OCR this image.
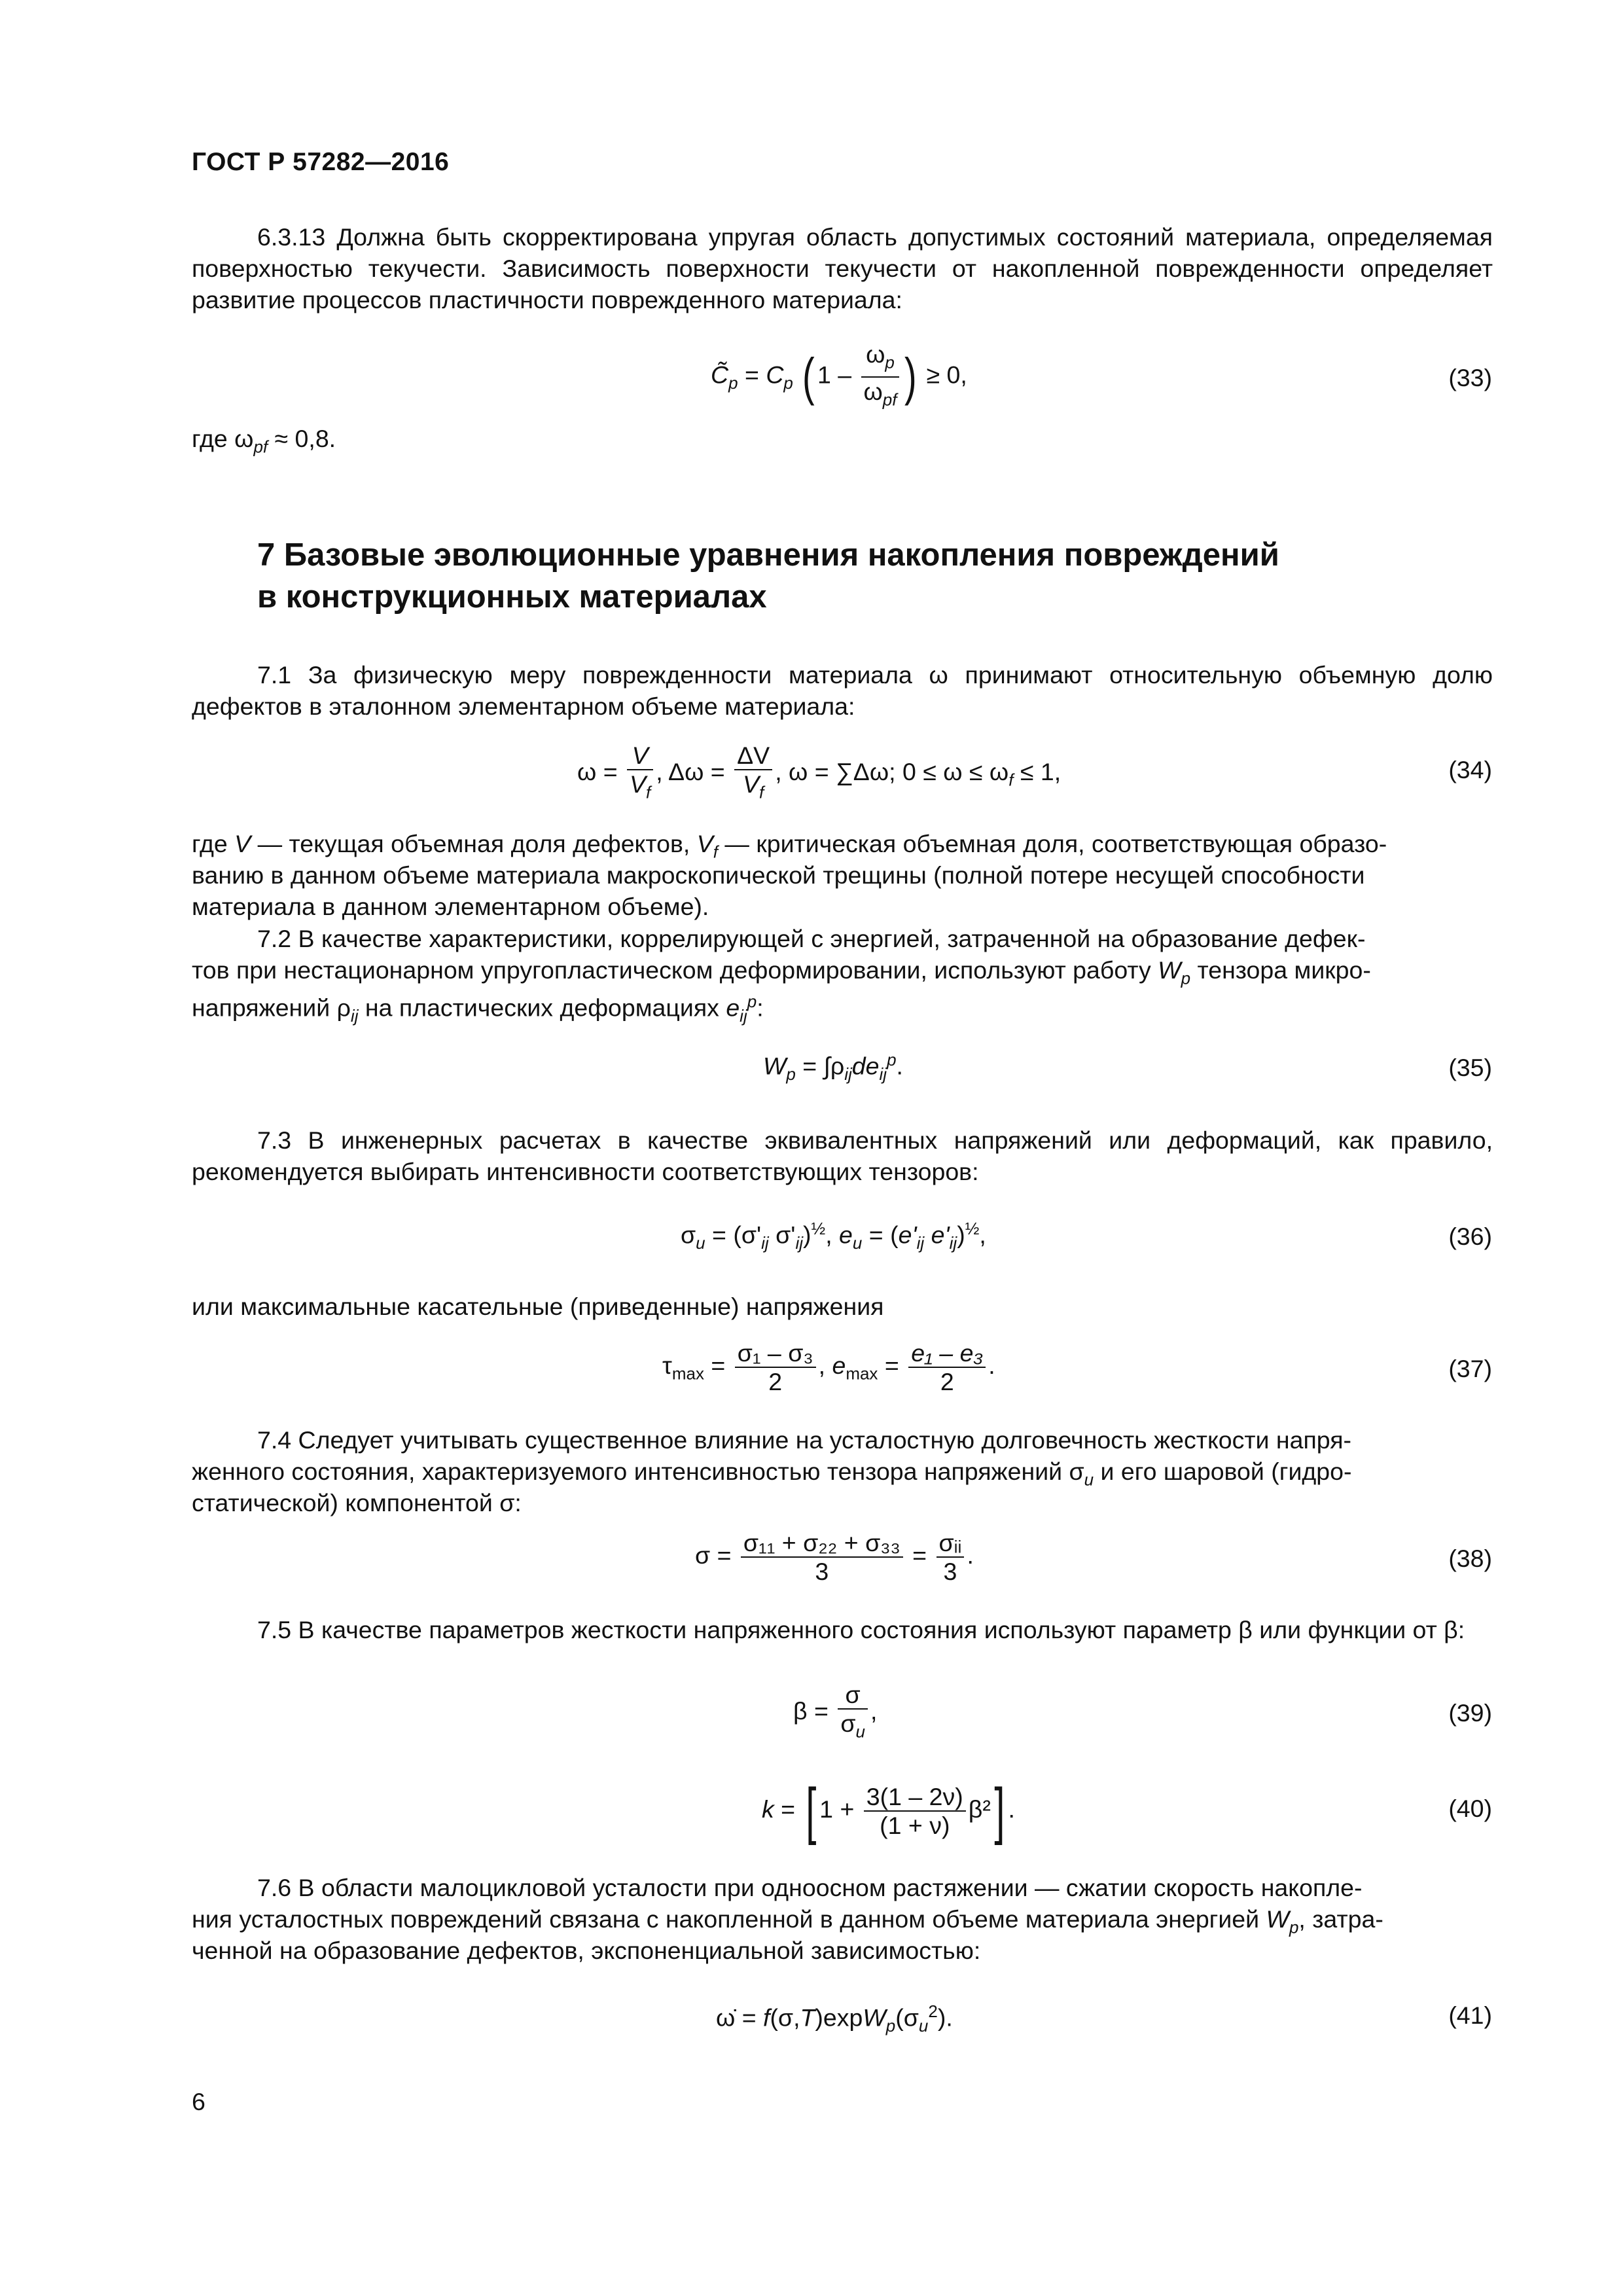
ГОСТ Р 57282—2016
6.3.13 Должна быть скорректирована упругая область допустимых состояний материала, определяемая поверхностью текучести. Зависимость поверхности текучести от накопленной поврежденности определяет развитие процессов пластичности поврежденного материала:
$C̃_p = C_p$ ( $1 - \frac{\omega_p}{\omega_{pf}}$ ) ≥ 0,	(33)
где $\omega_{pf} \approx 0,8$.
7 Базовые эволюционные уравнения накопления повреждений
в конструкционных материалах
7.1 За физическую меру поврежденности материала ω принимают относительную объемную долю дефектов в эталонном элементарном объеме материала:
$\omega = \frac{V}{V_f}$ , $\Delta\omega = \frac{\Delta V}{V_f}$ , ω = ∑Δω; $0 \le \omega \le \omega_f \le 1$,	(34)
где V — текущая объемная доля дефектов, $V_f$ — критическая объемная доля, соответствующая образо-
ванию в данном объеме материала макроскопической трещины (полной потере несущей способности
материала в данном элементарном объеме).
7.2 В качестве характеристики, коррелирующей с энергией, затраченной на образование дефек-
тов при нестационарном упругопластическом деформировании, используют работу $W_p$ тензора микро-
напряжений $\rho_{ij}$ на пластических деформациях $e_{ij}^p$:
$W_p = \int\rho_{ij}de_{ij}^p$.	(35)
7.3 В инженерных расчетах в качестве эквивалентных напряжений или деформаций, как правило, рекомендуется выбирать интенсивности соответствующих тензоров:
$\sigma_u = (\sigma'_{ij}$ $\sigma'_{ij})^{\frac{1}{2}}$, $e_u = (e'_{ij}$ $e'_{ij})^{\frac{1}{2}}$,	(36)
или максимальные касательные (приведенные) напряжения
$\tau_{max} = \frac{\text{σ₁ – σ₃}}{2}$ , $e_{max} = \frac{\text{e₁ – e₃}}{2}$ .	(37)
7.4 Следует учитывать существенное влияние на усталостную долговечность жесткости напря-
женного состояния, характеризуемого интенсивностью тензора напряжений $\sigma_u$ и его шаровой (гидро-
статической) компонентой σ:
$\sigma = \frac{\text{σ₁₁ + σ₂₂ + σ₃₃}}{3} = \frac{\text{σᵢᵢ}}{3}$ .	(38)
7.5 В качестве параметров жесткости напряженного состояния используют параметр β или функции от β:
$\beta = \frac{\sigma}{\sigma_u}$ ,	(39)
k = [ $1 + \frac{3(1 - 2\nu)}{(1 + \nu)} \beta^2$] .	(40)
7.6 В области малоцикловой усталости при одноосном растяжении — сжатии скорость накопле-
ния усталостных повреждений связана с накопленной в данном объеме материала энергией $W_p$, затра-
ченной на образование дефектов, экспоненциальной зависимостью:
ω̇ = $f(\sigma,T)\exp W_p(\sigma_u^2)$.	(41)
6
